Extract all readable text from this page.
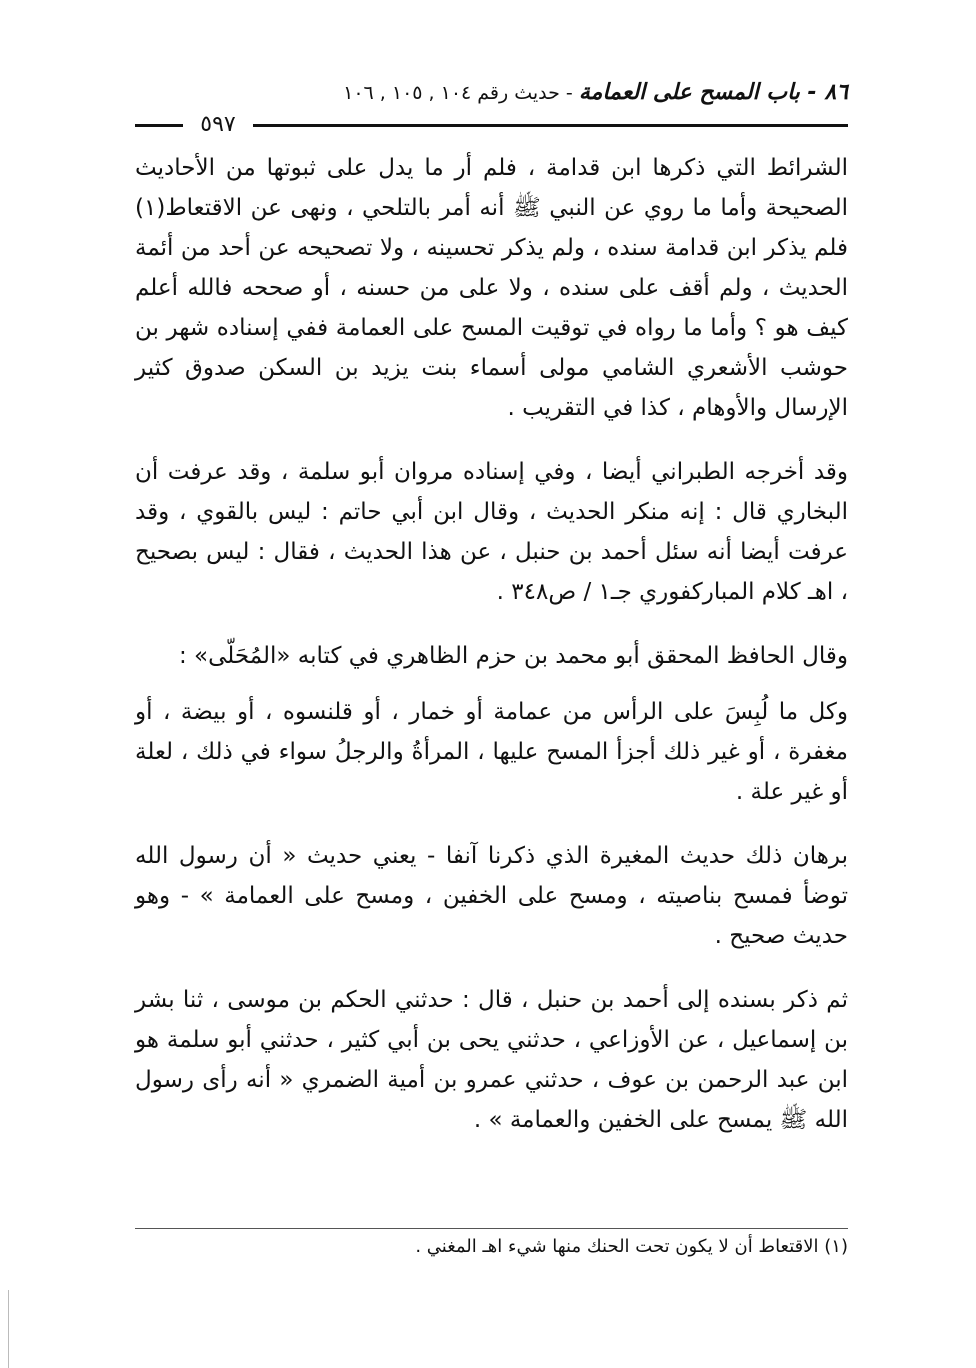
٨٦ - باب المسح على العمامة - حديث رقم ١٠٤ , ١٠٥ , ١٠٦
٥٩٧

الشرائط التي ذكرها ابن قدامة ، فلم أر ما يدل على ثبوتها من الأحاديث الصحيحة وأما ما روي عن النبي ﷺ أنه أمر بالتلحي ، ونهى عن الاقتعاط(١) فلم يذكر ابن قدامة سنده ، ولم يذكر تحسينه ، ولا تصحيحه عن أحد من أئمة الحديث ، ولم أقف على سنده ، ولا على من حسنه ، أو صححه فالله أعلم كيف هو ؟ وأما ما رواه في توقيت المسح على العمامة ففي إسناده شهر بن حوشب الأشعري الشامي مولى أسماء بنت يزيد بن السكن صدوق كثير الإرسال والأوهام ، كذا في التقريب .

وقد أخرجه الطبراني أيضا ، وفي إسناده مروان أبو سلمة ، وقد عرفت أن البخاري قال : إنه منكر الحديث ، وقال ابن أبي حاتم : ليس بالقوي ، وقد عرفت أيضا أنه سئل أحمد بن حنبل ، عن هذا الحديث ، فقال : ليس بصحيح ، اهـ كلام المباركفوري جـ١ / ص٣٤٨ .

وقال الحافظ المحقق أبو محمد بن حزم الظاهري في كتابه «المُحَلّى» :

وكل ما لُبِسَ على الرأس من عمامة أو خمار ، أو قلنسوه ، أو بيضة ، أو مغفرة ، أو غير ذلك أجزأ المسح عليها ، المرأةُ والرجلُ سواء في ذلك ، لعلة أو غير علة .

برهان ذلك حديث المغيرة الذي ذكرنا آنفا - يعني حديث « أن رسول الله توضأ فمسح بناصيته ، ومسح على الخفين ، ومسح على العمامة » - وهو حديث صحيح .

ثم ذكر بسنده إلى أحمد بن حنبل ، قال : حدثني الحكم بن موسى ، ثنا بشر بن إسماعيل ، عن الأوزاعي ، حدثني يحى بن أبي كثير ، حدثني أبو سلمة هو ابن عبد الرحمن بن عوف ، حدثني عمرو بن أمية الضمري « أنه رأى رسول الله ﷺ يمسح على الخفين والعمامة » .

(١) الاقتعاط أن لا يكون تحت الحنك منها شيء اهـ المغني .
